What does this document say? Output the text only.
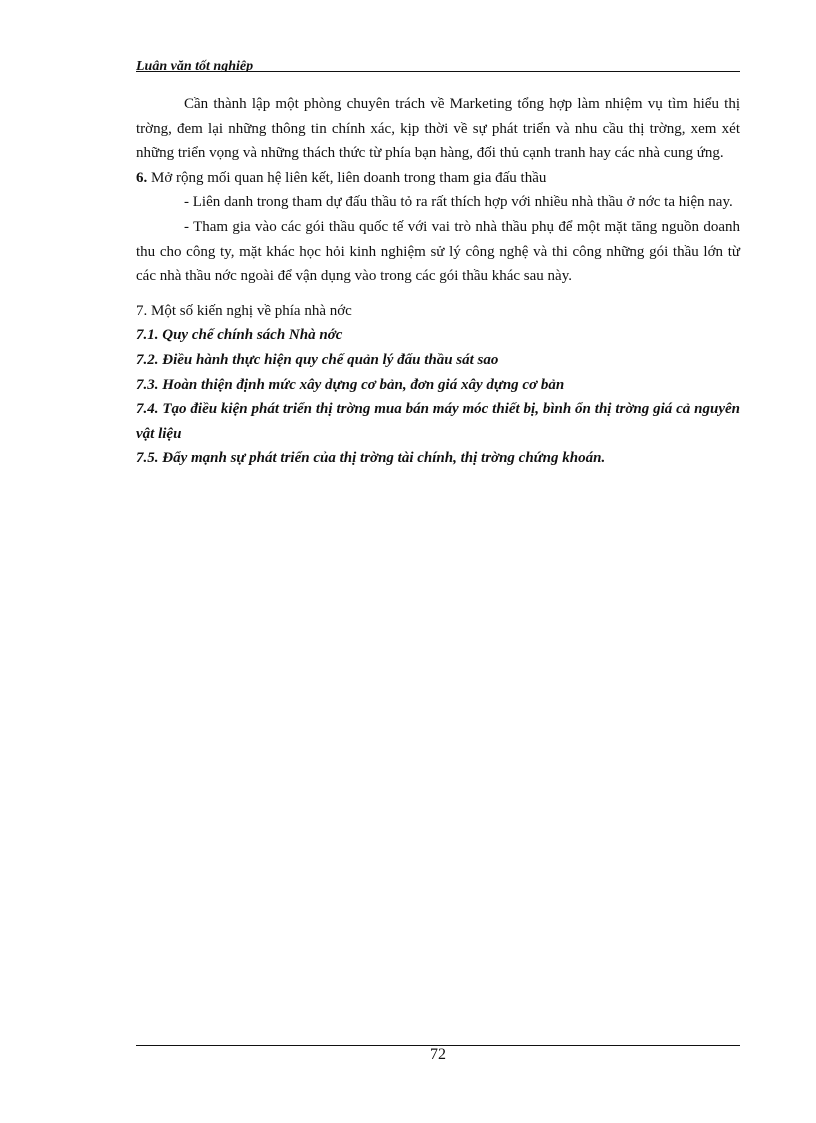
Luận văn tốt nghiệp

Cần thành lập một phòng chuyên trách về Marketing tổng hợp làm nhiệm vụ tìm hiểu thị trờng, đem lại những thông tin chính xác, kịp thời về sự phát triển và nhu cầu thị trờng, xem xét những triển vọng và những thách thức từ phía bạn hàng, đối thủ cạnh tranh hay các nhà cung ứng.

6. Mở rộng mối quan hệ liên kết, liên doanh trong tham gia đấu thầu

- Liên danh trong tham dự đấu thầu tỏ ra rất thích hợp với nhiều nhà thầu ở nớc ta hiện nay.

- Tham gia vào các gói thầu quốc tế với vai trò nhà thầu phụ để một mặt tăng nguồn doanh thu cho công ty, mặt khác học hỏi kinh nghiệm sử lý công nghệ và thi công những gói thầu lớn từ các nhà thầu nớc ngoài để vận dụng vào trong các gói thầu khác sau này.

7. Một số kiến nghị về phía nhà nớc

7.1. Quy chế chính sách Nhà nớc

7.2. Điều hành thực hiện quy chế quản lý đấu thầu sát sao

7.3. Hoàn thiện định mức xây dựng cơ bản, đơn giá xây dựng cơ bản

7.4. Tạo điều kiện phát triển thị trờng mua bán máy móc thiết bị, bình ổn thị trờng giá cả nguyên vật liệu

7.5. Đẩy mạnh sự phát triển của thị trờng tài chính, thị trờng chứng khoán.

72
